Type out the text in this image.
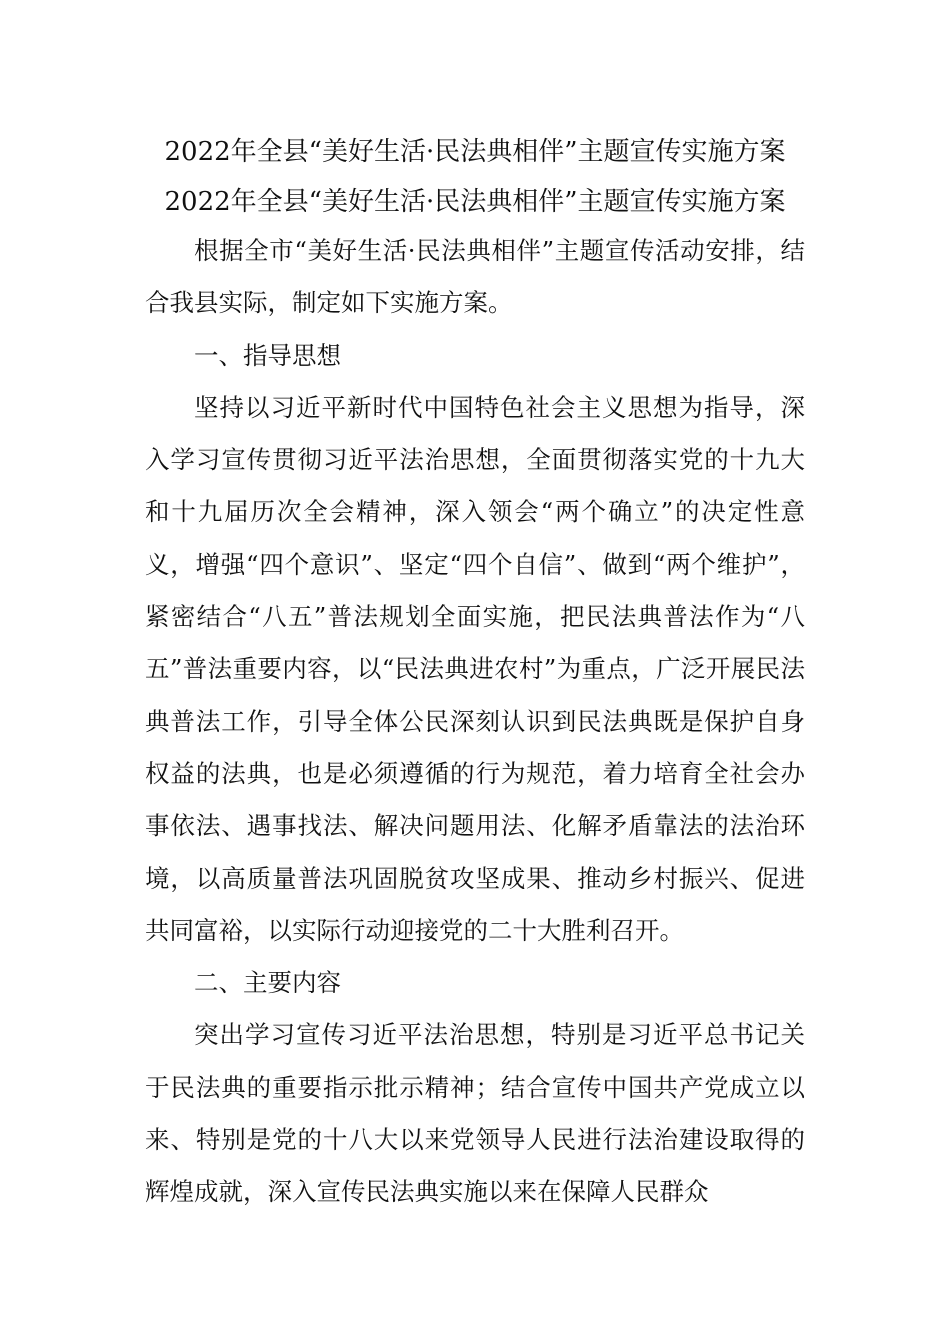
2022年全县“美好生活·民法典相伴”主题宣传实施方案
2022年全县“美好生活·民法典相伴”主题宣传实施方案

根据全市“美好生活·民法典相伴”主题宣传活动安排，结合我县实际，制定如下实施方案。

一、指导思想

坚持以习近平新时代中国特色社会主义思想为指导，深入学习宣传贯彻习近平法治思想，全面贯彻落实党的十九大和十九届历次全会精神，深入领会“两个确立”的决定性意义，增强“四个意识”、坚定“四个自信”、做到“两个维护”，紧密结合“八五”普法规划全面实施，把民法典普法作为“八五”普法重要内容，以“民法典进农村”为重点，广泛开展民法典普法工作，引导全体公民深刻认识到民法典既是保护自身权益的法典，也是必须遵循的行为规范，着力培育全社会办事依法、遇事找法、解决问题用法、化解矛盾靠法的法治环境，以高质量普法巩固脱贫攻坚成果、推动乡村振兴、促进共同富裕，以实际行动迎接党的二十大胜利召开。

二、主要内容

突出学习宣传习近平法治思想，特别是习近平总书记关于民法典的重要指示批示精神；结合宣传中国共产党成立以来、特别是党的十八大以来党领导人民进行法治建设取得的辉煌成就，深入宣传民法典实施以来在保障人民群众
